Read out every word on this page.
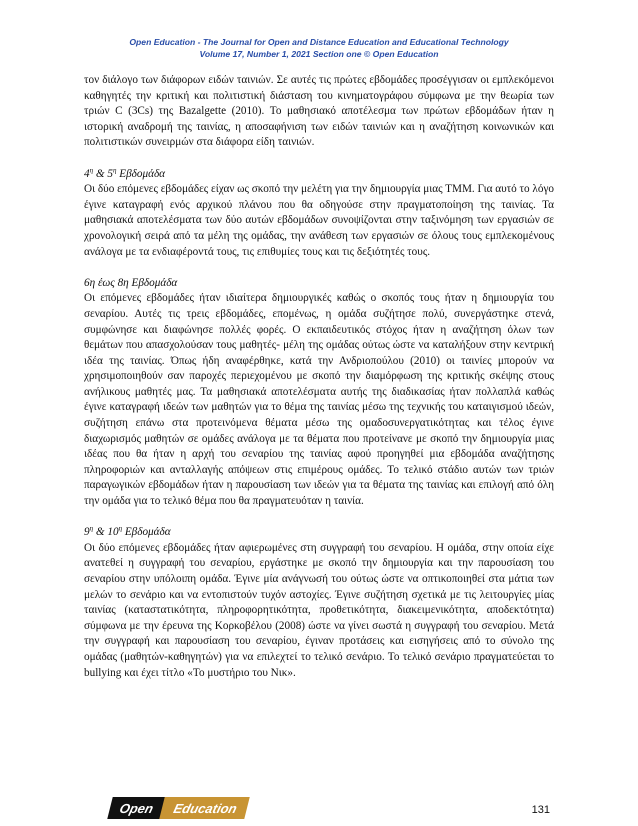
Open Education - The Journal for Open and Distance Education and Educational Technology
Volume 17, Number 1, 2021 Section one © Open Education

τον διάλογο των διάφορων ειδών ταινιών. Σε αυτές τις πρώτες εβδομάδες προσέγγισαν οι εμπλεκόμενοι καθηγητές την κριτική και πολιτιστική διάσταση του κινηματογράφου σύμφωνα με την θεωρία των τριών C (3Cs) της Bazalgette (2010). Το μαθησιακό αποτέλεσμα των πρώτων εβδομάδων ήταν η ιστορική αναδρομή της ταινίας, η αποσαφήνιση των ειδών ταινιών και η αναζήτηση κοινωνικών και πολιτιστικών συνειρμών στα διάφορα είδη ταινιών.

$4^\eta$ & $5^\eta$ Εβδομάδα

Οι δύο επόμενες εβδομάδες είχαν ως σκοπό την μελέτη για την δημιουργία μιας ΤΜΜ. Για αυτό το λόγο έγινε καταγραφή ενός αρχικού πλάνου που θα οδηγούσε στην πραγματοποίηση της ταινίας. Τα μαθησιακά αποτελέσματα των δύο αυτών εβδομάδων συνοψίζονται στην ταξινόμηση των εργασιών σε χρονολογική σειρά από τα μέλη της ομάδας, την ανάθεση των εργασιών σε όλους τους εμπλεκομένους ανάλογα με τα ενδιαφέροντά τους, τις επιθυμίες τους και τις δεξιότητές τους.

6η έως 8η Εβδομάδα

Οι επόμενες εβδομάδες ήταν ιδιαίτερα δημιουργικές καθώς ο σκοπός τους ήταν η δημιουργία του σεναρίου. Αυτές τις τρεις εβδομάδες, επομένως, η ομάδα συζήτησε πολύ, συνεργάστηκε στενά, συμφώνησε και διαφώνησε πολλές φορές. Ο εκπαιδευτικός στόχος ήταν η αναζήτηση όλων των θεμάτων που απασχολούσαν τους μαθητές- μέλη της ομάδας ούτως ώστε να καταλήξουν στην κεντρική ιδέα της ταινίας. Όπως ήδη αναφέρθηκε, κατά την Ανδριοπούλου (2010) οι ταινίες μπορούν να χρησιμοποιηθούν σαν παροχές περιεχομένου με σκοπό την διαμόρφωση της κριτικής σκέψης στους ανήλικους μαθητές μας. Τα μαθησιακά αποτελέσματα αυτής της διαδικασίας ήταν πολλαπλά καθώς έγινε καταγραφή ιδεών των μαθητών για το θέμα της ταινίας μέσω της τεχνικής του καταιγισμού ιδεών, συζήτηση επάνω στα προτεινόμενα θέματα μέσω της ομαδοσυνεργατικότητας και τέλος έγινε διαχωρισμός μαθητών σε ομάδες ανάλογα με τα θέματα που προτείνανε με σκοπό την δημιουργία μιας ιδέας που θα ήταν η αρχή του σεναρίου της ταινίας αφού προηγηθεί μια εβδομάδα αναζήτησης πληροφοριών και ανταλλαγής απόψεων στις επιμέρους ομάδες. Το τελικό στάδιο αυτών των τριών παραγωγικών εβδομάδων ήταν η παρουσίαση των ιδεών για τα θέματα της ταινίας και επιλογή από όλη την ομάδα για το τελικό θέμα που θα πραγματευόταν η ταινία.

$9^\eta$ & $10^\eta$ Εβδομάδα

Οι δύο επόμενες εβδομάδες ήταν αφιερωμένες στη συγγραφή του σεναρίου. Η ομάδα, στην οποία είχε ανατεθεί η συγγραφή του σεναρίου, εργάστηκε με σκοπό την δημιουργία και την παρουσίαση του σεναρίου στην υπόλοιπη ομάδα. Έγινε μία ανάγνωσή του ούτως ώστε να οπτικοποιηθεί στα μάτια των μελών το σενάριο και να εντοπιστούν τυχόν αστοχίες. Έγινε συζήτηση σχετικά με τις λειτουργίες μίας ταινίας (καταστατικότητα, πληροφορητικότητα, προθετικότητα, διακειμενικότητα, αποδεκτότητα) σύμφωνα με την έρευνα της Κορκοβέλου (2008) ώστε να γίνει σωστά η συγγραφή του σεναρίου. Μετά την συγγραφή και παρουσίαση του σεναρίου, έγιναν προτάσεις και εισηγήσεις από το σύνολο της ομάδας (μαθητών-καθηγητών) για να επιλεχτεί το τελικό σενάριο. Το τελικό σενάριο πραγματεύεται το bullying και έχει τίτλο «Το μυστήριο του Νικ».

Open	Education	131
